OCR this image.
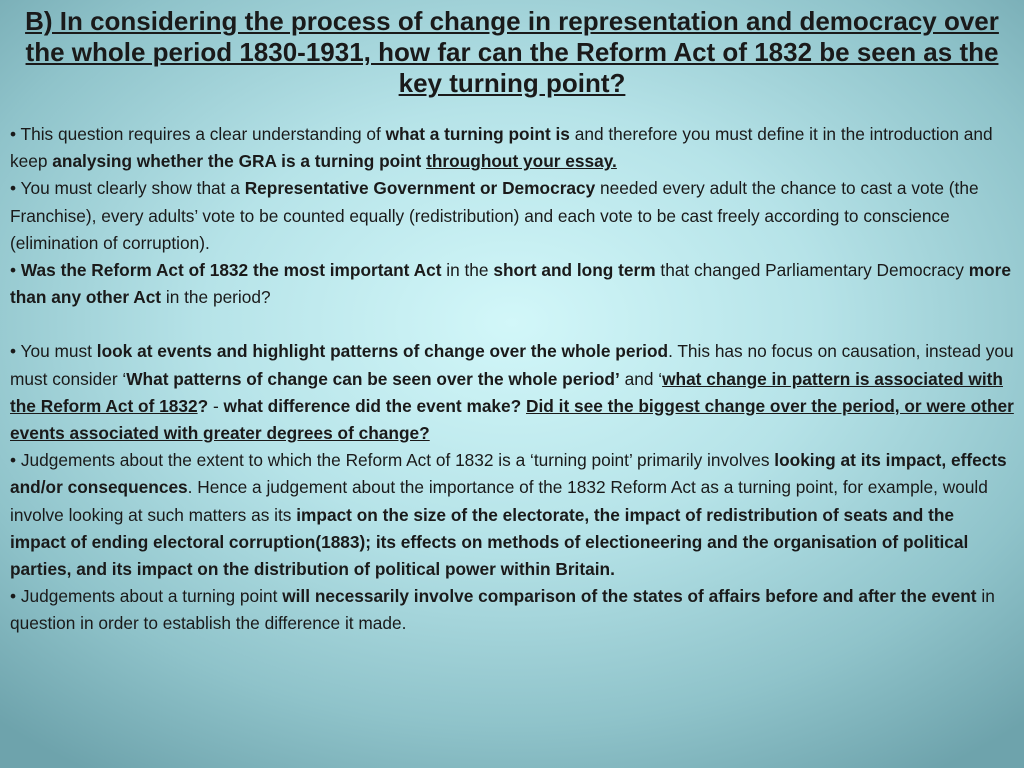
B) In considering the process of change in representation and democracy over the whole period 1830-1931, how far can the Reform Act of 1832 be seen as the key turning point?

• This question requires a clear understanding of what a turning point is and therefore you must define it in the introduction and keep analysing whether the GRA is a turning point throughout your essay.

• You must clearly show that a Representative Government or Democracy needed every adult the chance to cast a vote (the Franchise), every adults’ vote to be counted equally (redistribution) and each vote to be cast freely according to conscience (elimination of corruption).

• Was the Reform Act of 1832 the most important Act in the short and long term that changed Parliamentary Democracy more than any other Act in the period?

• You must look at events and highlight patterns of change over the whole period. This has no focus on causation, instead you must consider ‘What patterns of change can be seen over the whole period’ and ‘what change in pattern is associated with the Reform Act of 1832? - what difference did the event make? Did it see the biggest change over the period, or were other events associated with greater degrees of change?

• Judgements about the extent to which the Reform Act of 1832 is a ‘turning point’ primarily involves looking at its impact, effects and/or consequences. Hence a judgement about the importance of the 1832 Reform Act as a turning point, for example, would involve looking at such matters as its impact on the size of the electorate, the impact of redistribution of seats and the impact of ending electoral corruption(1883); its effects on methods of electioneering and the organisation of political parties, and its impact on the distribution of political power within Britain.

• Judgements about a turning point will necessarily involve comparison of the states of affairs before and after the event in question in order to establish the difference it made.
